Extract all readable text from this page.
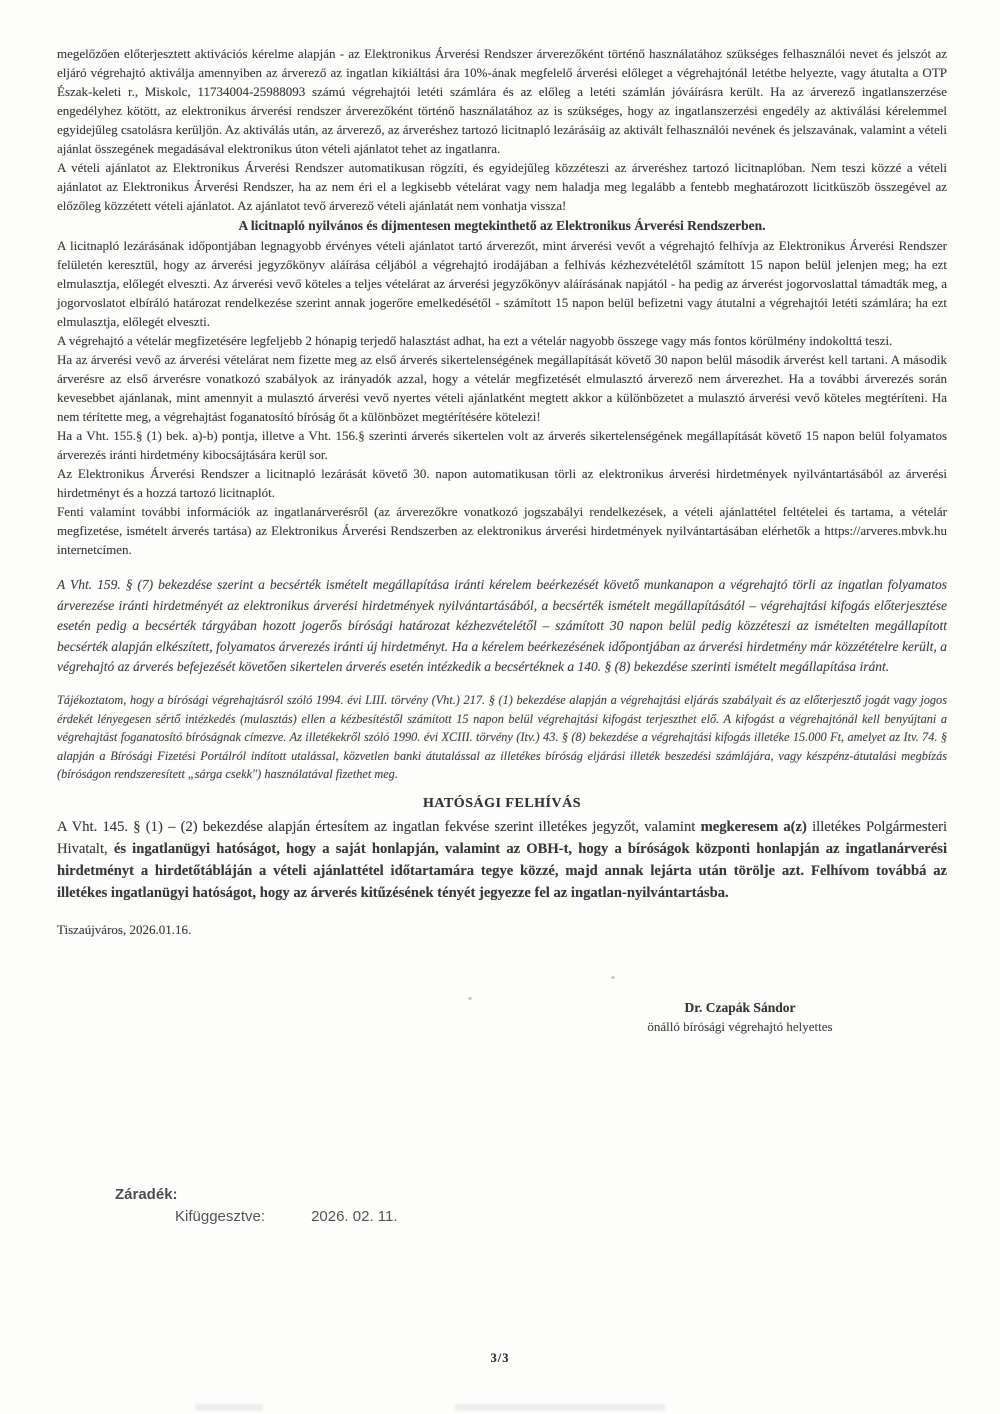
megelőzően előterjesztett aktivációs kérelme alapján - az Elektronikus Árverési Rendszer árverezőként történő használatához szükséges felhasználói nevet és jelszót az eljáró végrehajtó aktiválja amennyiben az árverező az ingatlan kikiáltási ára 10%-ának megfelelő árverési előleget a végrehajtónál letétbe helyezte, vagy átutalta a OTP Észak-keleti r., Miskolc, 11734004-25988093 számú végrehajtói letéti számlára és az előleg a letéti számlán jóváírásra került. Ha az árverező ingatlanszerzése engedélyhez kötött, az elektronikus árverési rendszer árverezőként történő használatához az is szükséges, hogy az ingatlanszerzési engedély az aktiválási kérelemmel egyidejűleg csatolásra kerüljön. Az aktiválás után, az árverező, az árveréshez tartozó licitnapló lezárásáig az aktivált felhasználói nevének és jelszavának, valamint a vételi ajánlat összegének megadásával elektronikus úton vételi ajánlatot tehet az ingatlanra.

A vételi ajánlatot az Elektronikus Árverési Rendszer automatikusan rögzíti, és egyidejűleg közzéteszi az árveréshez tartozó licitnaplóban. Nem teszi közzé a vételi ajánlatot az Elektronikus Árverési Rendszer, ha az nem éri el a legkisebb vételárat vagy nem haladja meg legalább a fentebb meghatározott licitküszöb összegével az előzőleg közzétett vételi ajánlatot. Az ajánlatot tevő árverező vételi ajánlatát nem vonhatja vissza!

A licitnapló nyilvános és díjmentesen megtekinthető az Elektronikus Árverési Rendszerben.

A licitnapló lezárásának időpontjában legnagyobb érvényes vételi ajánlatot tartó árverezőt, mint árverési vevőt a végrehajtó felhívja az Elektronikus Árverési Rendszer felületén keresztül, hogy az árverési jegyzőkönyv aláírása céljából a végrehajtó irodájában a felhívás kézhezvételétől számított 15 napon belül jelenjen meg; ha ezt elmulasztja, előlegét elveszti. Az árverési vevő köteles a teljes vételárat az árverési jegyzőkönyv aláírásának napjától - ha pedig az árverést jogorvoslattal támadták meg, a jogorvoslatot elbíráló határozat rendelkezése szerint annak jogerőre emelkedésétől - számított 15 napon belül befizetni vagy átutalni a végrehajtói letéti számlára; ha ezt elmulasztja, előlegét elveszti.

A végrehajtó a vételár megfizetésére legfeljebb 2 hónapig terjedő halasztást adhat, ha ezt a vételár nagyobb összege vagy más fontos körülmény indokolttá teszi.

Ha az árverési vevő az árverési vételárat nem fizette meg az első árverés sikertelenségének megállapítását követő 30 napon belül második árverést kell tartani. A második árverésre az első árverésre vonatkozó szabályok az irányadók azzal, hogy a vételár megfizetését elmulasztó árverező nem árverezhet. Ha a további árverezés során kevesebbet ajánlanak, mint amennyit a mulasztó árverési vevő nyertes vételi ajánlatként megtett akkor a különbözetet a mulasztó árverési vevő köteles megtéríteni. Ha nem térítette meg, a végrehajtást foganatosító bíróság őt a különbözet megtérítésére kötelezi!

Ha a Vht. 155.§ (1) bek. a)-b) pontja, illetve a Vht. 156.§ szerinti árverés sikertelen volt az árverés sikertelenségének megállapítását követő 15 napon belül folyamatos árverezés iránti hirdetmény kibocsájtására kerül sor.

Az Elektronikus Árverési Rendszer a licitnapló lezárását követő 30. napon automatikusan törli az elektronikus árverési hirdetmények nyilvántartásából az árverési hirdetményt és a hozzá tartozó licitnaplót.

Fenti valamint további információk az ingatlanárverésről (az árverezőkre vonatkozó jogszabályi rendelkezések, a vételi ajánlattétel feltételei és tartama, a vételár megfizetése, ismételt árverés tartása) az Elektronikus Árverési Rendszerben az elektronikus árverési hirdetmények nyilvántartásában elérhetők a https://arveres.mbvk.hu internetcímen.

A Vht. 159. § (7) bekezdése szerint a becsérték ismételt megállapítása iránti kérelem beérkezését követő munkanapon a végrehajtó törli az ingatlan folyamatos árverezése iránti hirdetményét az elektronikus árverési hirdetmények nyilvántartásából, a becsérték ismételt megállapításától – végrehajtási kifogás előterjesztése esetén pedig a becsérték tárgyában hozott jogerős bírósági határozat kézhezvételétől – számított 30 napon belül pedig közzéteszi az ismételten megállapított becsérték alapján elkészített, folyamatos árverezés iránti új hirdetményt. Ha a kérelem beérkezésének időpontjában az árverési hirdetmény már közzétételre került, a végrehajtó az árverés befejezését követően sikertelen árverés esetén intézkedik a becsértéknek a 140. § (8) bekezdése szerinti ismételt megállapítása iránt.

Tájékoztatom, hogy a bírósági végrehajtásról szóló 1994. évi LIII. törvény (Vht.) 217. § (1) bekezdése alapján a végrehajtási eljárás szabályait és az előterjesztő jogát vagy jogos érdekét lényegesen sértő intézkedés (mulasztás) ellen a kézbesítéstől számított 15 napon belül végrehajtási kifogást terjeszthet elő. A kifogást a végrehajtónál kell benyújtani a végrehajtást foganatosító bíróságnak címezve. Az illetékekről szóló 1990. évi XCIII. törvény (Itv.) 43. § (8) bekezdése a végrehajtási kifogás illetéke 15.000 Ft, amelyet az Itv. 74. § alapján a Bírósági Fizetési Portálról indított utalással, közvetlen banki átutalással az illetékes bíróság eljárási illeték beszedési számlájára, vagy készpénz-átutalási megbízás (bíróságon rendszeresített „sárga csekk") használatával fizethet meg.

HATÓSÁGI FELHÍVÁS

A Vht. 145. § (1) – (2) bekezdése alapján értesítem az ingatlan fekvése szerint illetékes jegyzőt, valamint megkeresem a(z) illetékes Polgármesteri Hivatalt, és ingatlanügyi hatóságot, hogy a saját honlapján, valamint az OBH-t, hogy a bíróságok központi honlapján az ingatlanárverési hirdetményt a hirdetőtábláján a vételi ajánlattétel időtartamára tegye közzé, majd annak lejárta után törölje azt. Felhívom továbbá az illetékes ingatlanügyi hatóságot, hogy az árverés kitűzésének tényét jegyezze fel az ingatlan-nyilvántartásba.

Tiszaújváros, 2026.01.16.

Dr. Czapák Sándor
önálló bírósági végrehajtó helyettes
Záradék:
Kifüggesztve:	2026. 02. 11.
3/3
